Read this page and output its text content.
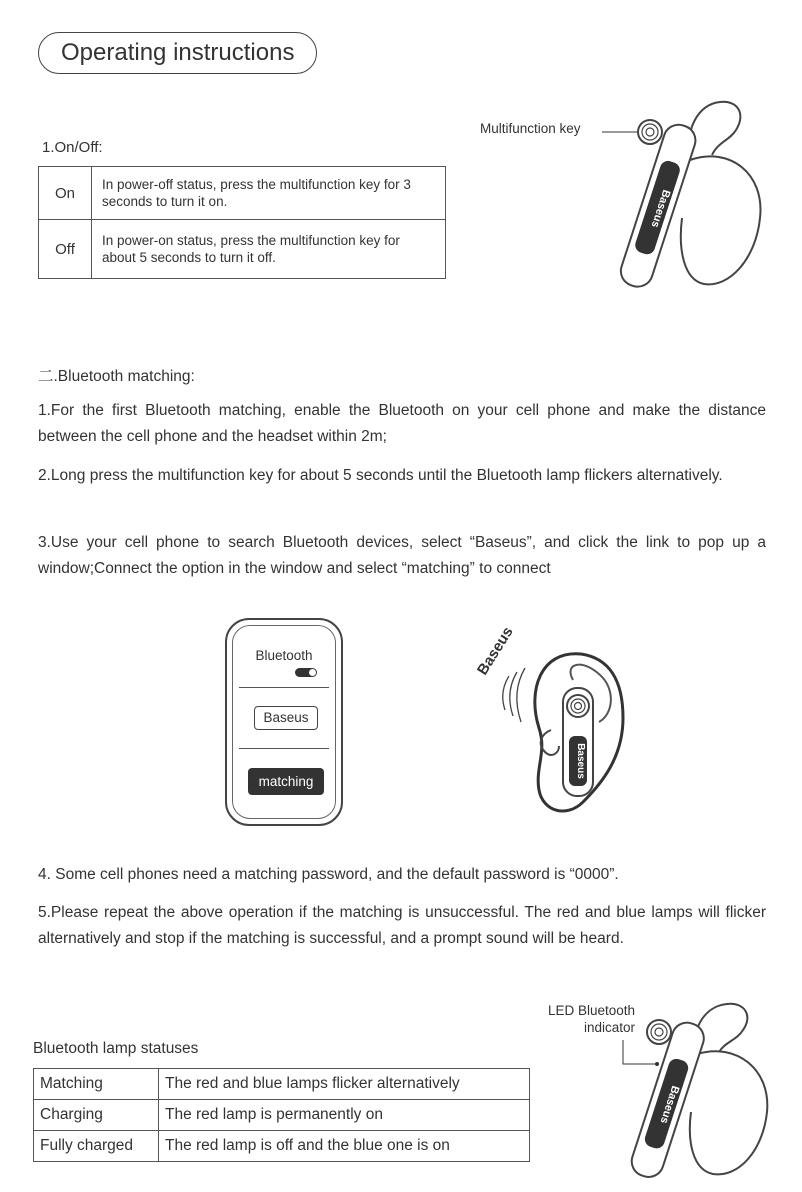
Operating instructions
1.On/Off:
On	In power-off status, press the multifunction key for 3 seconds to turn it on.
Off	In power-on status, press the multifunction key for about 5 seconds to turn it off.
Multifunction key
Baseus
二.Bluetooth matching:
1.For the first Bluetooth matching, enable the Bluetooth on your cell phone and make the distance between the cell phone and the headset within 2m;
2.Long press the multifunction key for about 5 seconds until the Bluetooth lamp flickers alternatively.
3.Use your cell phone to search Bluetooth devices, select “Baseus”, and click the link to pop up a window;Connect the option in the window and select “matching” to connect
Bluetooth
Baseus
matching
Baseus
Baseus
4. Some cell phones need a matching password, and the default password is “0000”.
5.Please repeat the above operation if the matching is unsuccessful. The red and blue lamps will flicker alternatively and stop if the matching is successful, and a prompt sound will be heard.
Bluetooth lamp statuses
Matching	The red and blue lamps flicker alternatively
Charging	The red lamp is permanently on
Fully charged	The red lamp is off and the blue one is on
LED Bluetooth indicator
Baseus
